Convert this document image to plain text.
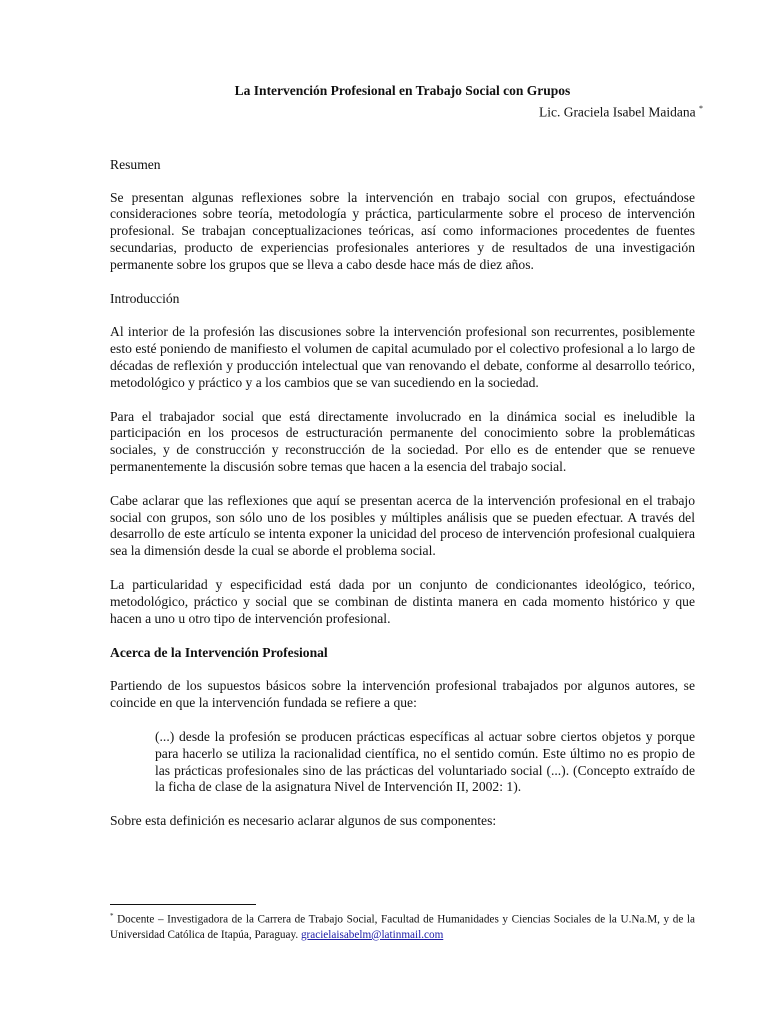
La Intervención Profesional en Trabajo Social con Grupos

Lic. Graciela Isabel Maidana *

Resumen

Se presentan algunas reflexiones sobre la intervención en trabajo social con grupos, efectuándose consideraciones sobre teoría, metodología y práctica, particularmente sobre el proceso de intervención profesional. Se trabajan conceptualizaciones teóricas, así como informaciones procedentes de fuentes secundarias, producto de experiencias profesionales anteriores y de resultados de una investigación permanente sobre los grupos que se lleva a cabo desde hace más de diez años.

Introducción

Al interior de la profesión las discusiones sobre la intervención profesional son recurrentes, posiblemente esto esté poniendo de manifiesto el volumen de capital acumulado por el colectivo profesional a lo largo de décadas de reflexión y producción intelectual que van renovando el debate, conforme al desarrollo teórico, metodológico y práctico y a los cambios que se van sucediendo en la sociedad.

Para el trabajador social que está directamente involucrado en la dinámica social es ineludible la participación en los procesos de estructuración permanente del conocimiento sobre la problemáticas sociales, y de construcción y reconstrucción de la sociedad. Por ello es de entender que se renueve permanentemente la discusión sobre temas que hacen a la esencia del trabajo social.

Cabe aclarar que las reflexiones que aquí se presentan acerca de la intervención profesional en el trabajo social con grupos, son sólo uno de los posibles y múltiples análisis que se pueden efectuar. A través del desarrollo de este artículo se intenta exponer la unicidad del proceso de intervención profesional cualquiera sea la dimensión desde la cual se aborde el problema social.

La particularidad y especificidad está dada por un conjunto de condicionantes ideológico, teórico, metodológico, práctico y social que se combinan de distinta manera en cada momento histórico y que hacen a uno u otro tipo de intervención profesional.

Acerca de la Intervención Profesional

Partiendo de los supuestos básicos sobre la intervención profesional trabajados por algunos autores, se coincide en que la intervención fundada se refiere a que:

(...) desde la profesión se producen prácticas específicas al actuar sobre ciertos objetos y porque para hacerlo se utiliza la racionalidad científica, no el sentido común. Este último no es propio de las prácticas profesionales sino de las prácticas del voluntariado social (...). (Concepto extraído de la ficha de clase de la asignatura Nivel de Intervención II, 2002: 1).

Sobre esta definición es necesario aclarar algunos de sus componentes:

* Docente – Investigadora de la Carrera de Trabajo Social, Facultad de Humanidades y Ciencias Sociales de la U.Na.M, y de la Universidad Católica de Itapúa, Paraguay. gracielaisabelm@latinmail.com
